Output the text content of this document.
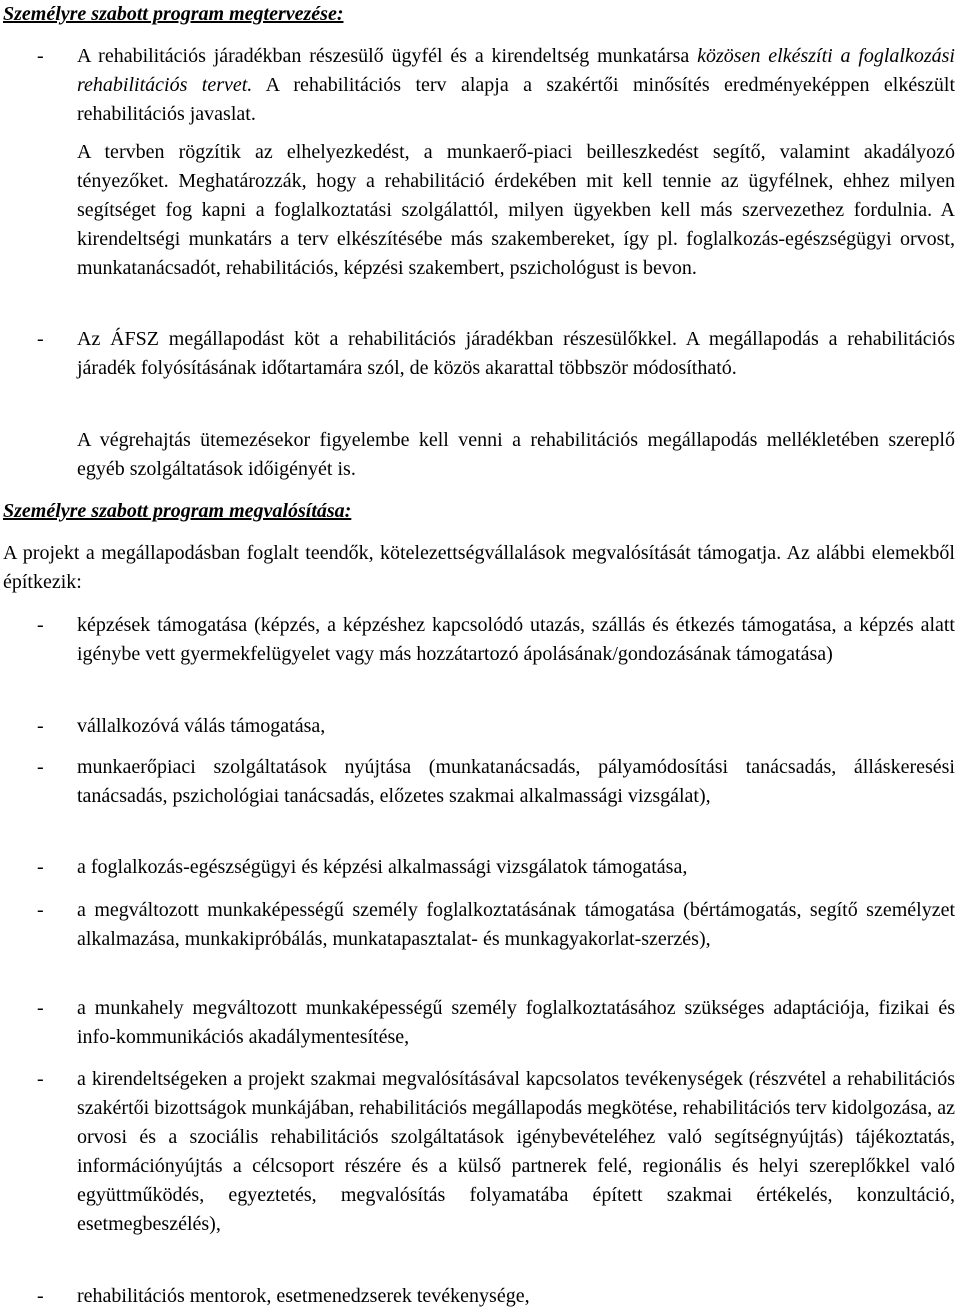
Személyre szabott program megtervezése:
- A rehabilitációs járadékban részesülő ügyfél és a kirendeltség munkatársa közösen elkészíti a foglalkozási rehabilitációs tervet. A rehabilitációs terv alapja a szakértői minősítés eredményeképpen elkészült rehabilitációs javaslat.

A tervben rögzítik az elhelyezkedést, a munkaerő-piaci beilleszkedést segítő, valamint akadályozó tényezőket. Meghatározzák, hogy a rehabilitáció érdekében mit kell tennie az ügyfélnek, ehhez milyen segítséget fog kapni a foglalkoztatási szolgálattól, milyen ügyekben kell más szervezethez fordulnia. A kirendeltségi munkatárs a terv elkészítésébe más szakembereket, így pl. foglalkozás-egészségügyi orvost, munkatanácsadót, rehabilitációs, képzési szakembert, pszichológust is bevon.

- Az ÁFSZ megállapodást köt a rehabilitációs járadékban részesülőkkel. A megállapodás a rehabilitációs járadék folyósításának időtartamára szól, de közös akarattal többször módosítható.

A végrehajtás ütemezésekor figyelembe kell venni a rehabilitációs megállapodás mellékletében szereplő egyéb szolgáltatások időigényét is.

Személyre szabott program megvalósítása:

A projekt a megállapodásban foglalt teendők, kötelezettségvállalások megvalósítását támogatja. Az alábbi elemekből építkezik:

- képzések támogatása (képzés, a képzéshez kapcsolódó utazás, szállás és étkezés támogatása, a képzés alatt igénybe vett gyermekfelügyelet vagy más hozzátartozó ápolásának/gondozásának támogatása)

- vállalkozóvá válás támogatása,

- munkaerőpiaci szolgáltatások nyújtása (munkatanácsadás, pályamódosítási tanácsadás, álláskeresési tanácsadás, pszichológiai tanácsadás, előzetes szakmai alkalmassági vizsgálat),

- a foglalkozás-egészségügyi és képzési alkalmassági vizsgálatok támogatása,

- a megváltozott munkaképességű személy foglalkoztatásának támogatása (bértámogatás, segítő személyzet alkalmazása, munkakipróbálás, munkatapasztalat- és munkagyakorlat-szerzés),

- a munkahely megváltozott munkaképességű személy foglalkoztatásához szükséges adaptációja, fizikai és info-kommunikációs akadálymentesítése,

- a kirendeltségeken a projekt szakmai megvalósításával kapcsolatos tevékenységek (részvétel a rehabilitációs szakértői bizottságok munkájában, rehabilitációs megállapodás megkötése, rehabilitációs terv kidolgozása, az orvosi és a szociális rehabilitációs szolgáltatások igénybevételéhez való segítségnyújtás) tájékoztatás, információnyújtás a célcsoport részére és a külső partnerek felé, regionális és helyi szereplőkkel való együttműködés, egyeztetés, megvalósítás folyamatába épített szakmai értékelés, konzultáció, esetmegbeszélés),

- rehabilitációs mentorok, esetmenedzserek tevékenysége,
